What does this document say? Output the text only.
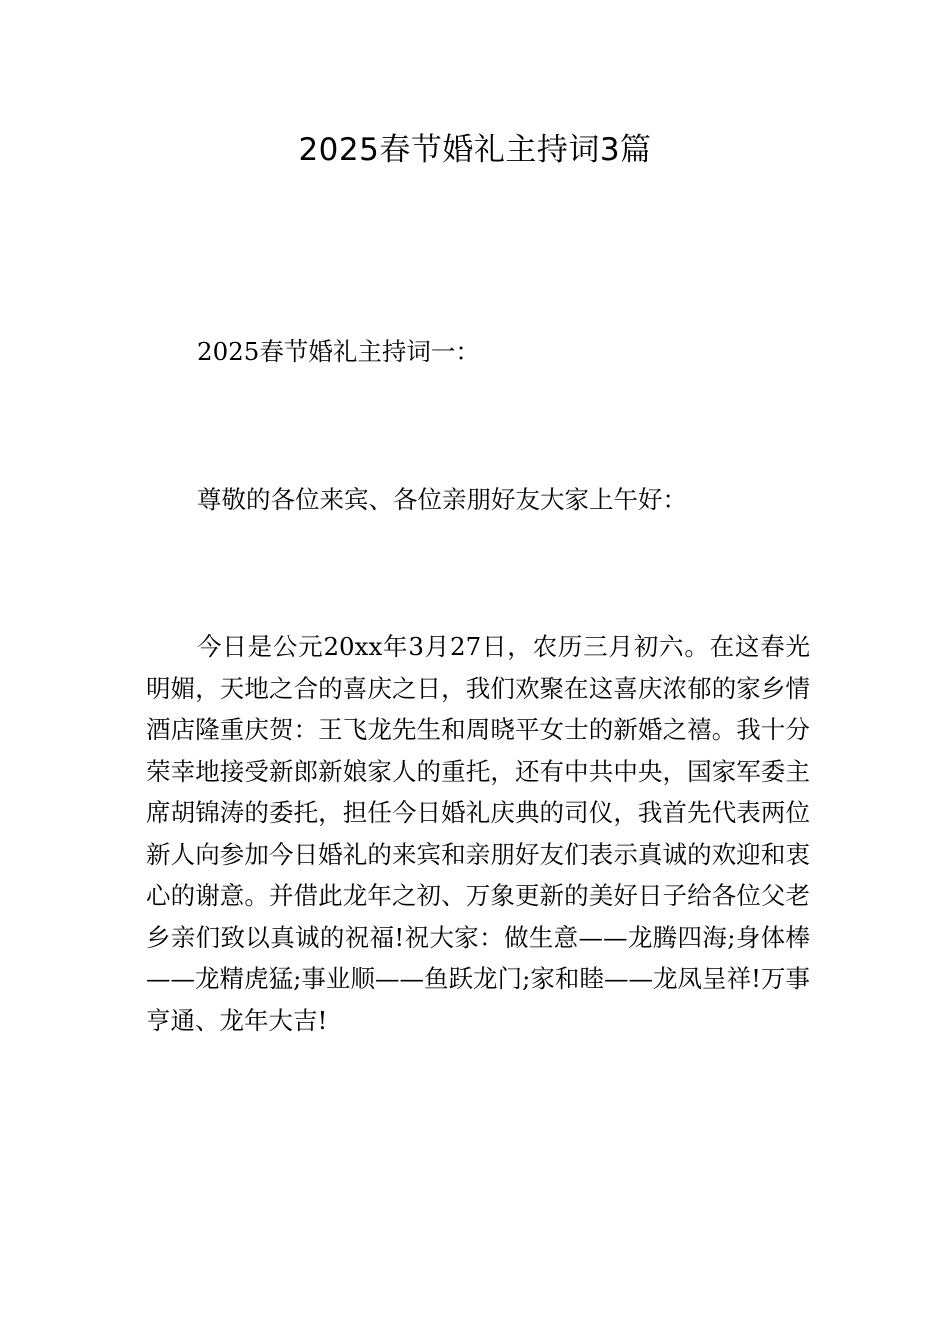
2025春节婚礼主持词3篇
2025春节婚礼主持词一：
尊敬的各位来宾、各位亲朋好友大家上午好：

今日是公元20xx年3月27日，农历三月初六。在这春光明媚，天地之合的喜庆之日，我们欢聚在这喜庆浓郁的家乡情酒店隆重庆贺：王飞龙先生和周晓平女士的新婚之禧。我十分荣幸地接受新郎新娘家人的重托，还有中共中央，国家军委主席胡锦涛的委托，担任今日婚礼庆典的司仪，我首先代表两位新人向参加今日婚礼的来宾和亲朋好友们表示真诚的欢迎和衷心的谢意。并借此龙年之初、万象更新的美好日子给各位父老乡亲们致以真诚的祝福!祝大家：做生意——龙腾四海;身体棒——龙精虎猛;事业顺——鱼跃龙门;家和睦——龙凤呈祥!万事亨通、龙年大吉!
